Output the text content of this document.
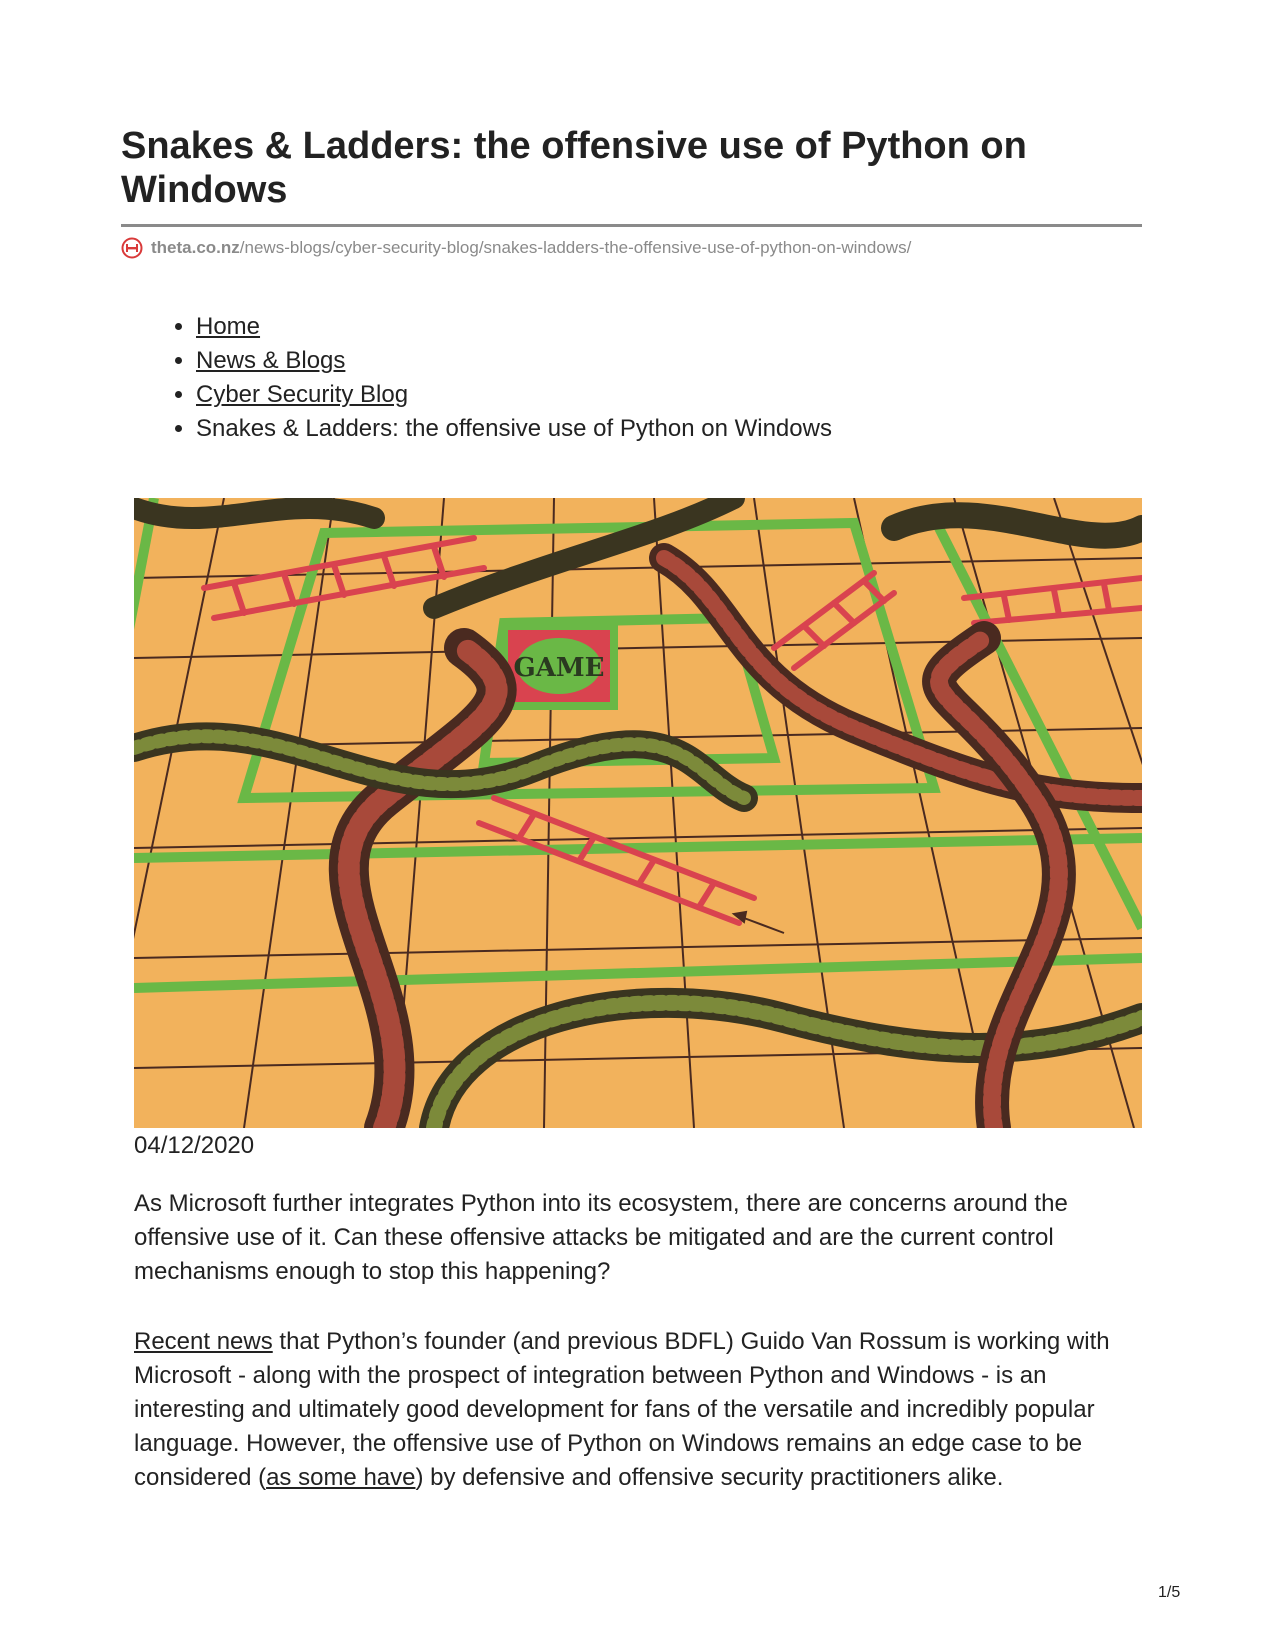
Snakes & Ladders: the offensive use of Python on Windows
theta.co.nz /news-blogs/cyber-security-blog/snakes-ladders-the-offensive-use-of-python-on-windows/
• Home
• News & Blogs
• Cyber Security Blog
• Snakes & Ladders: the offensive use of Python on Windows
GAME
04/12/2020

As Microsoft further integrates Python into its ecosystem, there are concerns around the offensive use of it. Can these offensive attacks be mitigated and are the current control mechanisms enough to stop this happening?

Recent news that Python’s founder (and previous BDFL) Guido Van Rossum is working with Microsoft - along with the prospect of integration between Python and Windows - is an interesting and ultimately good development for fans of the versatile and incredibly popular language. However, the offensive use of Python on Windows remains an edge case to be considered (as some have) by defensive and offensive security practitioners alike.

1/5
